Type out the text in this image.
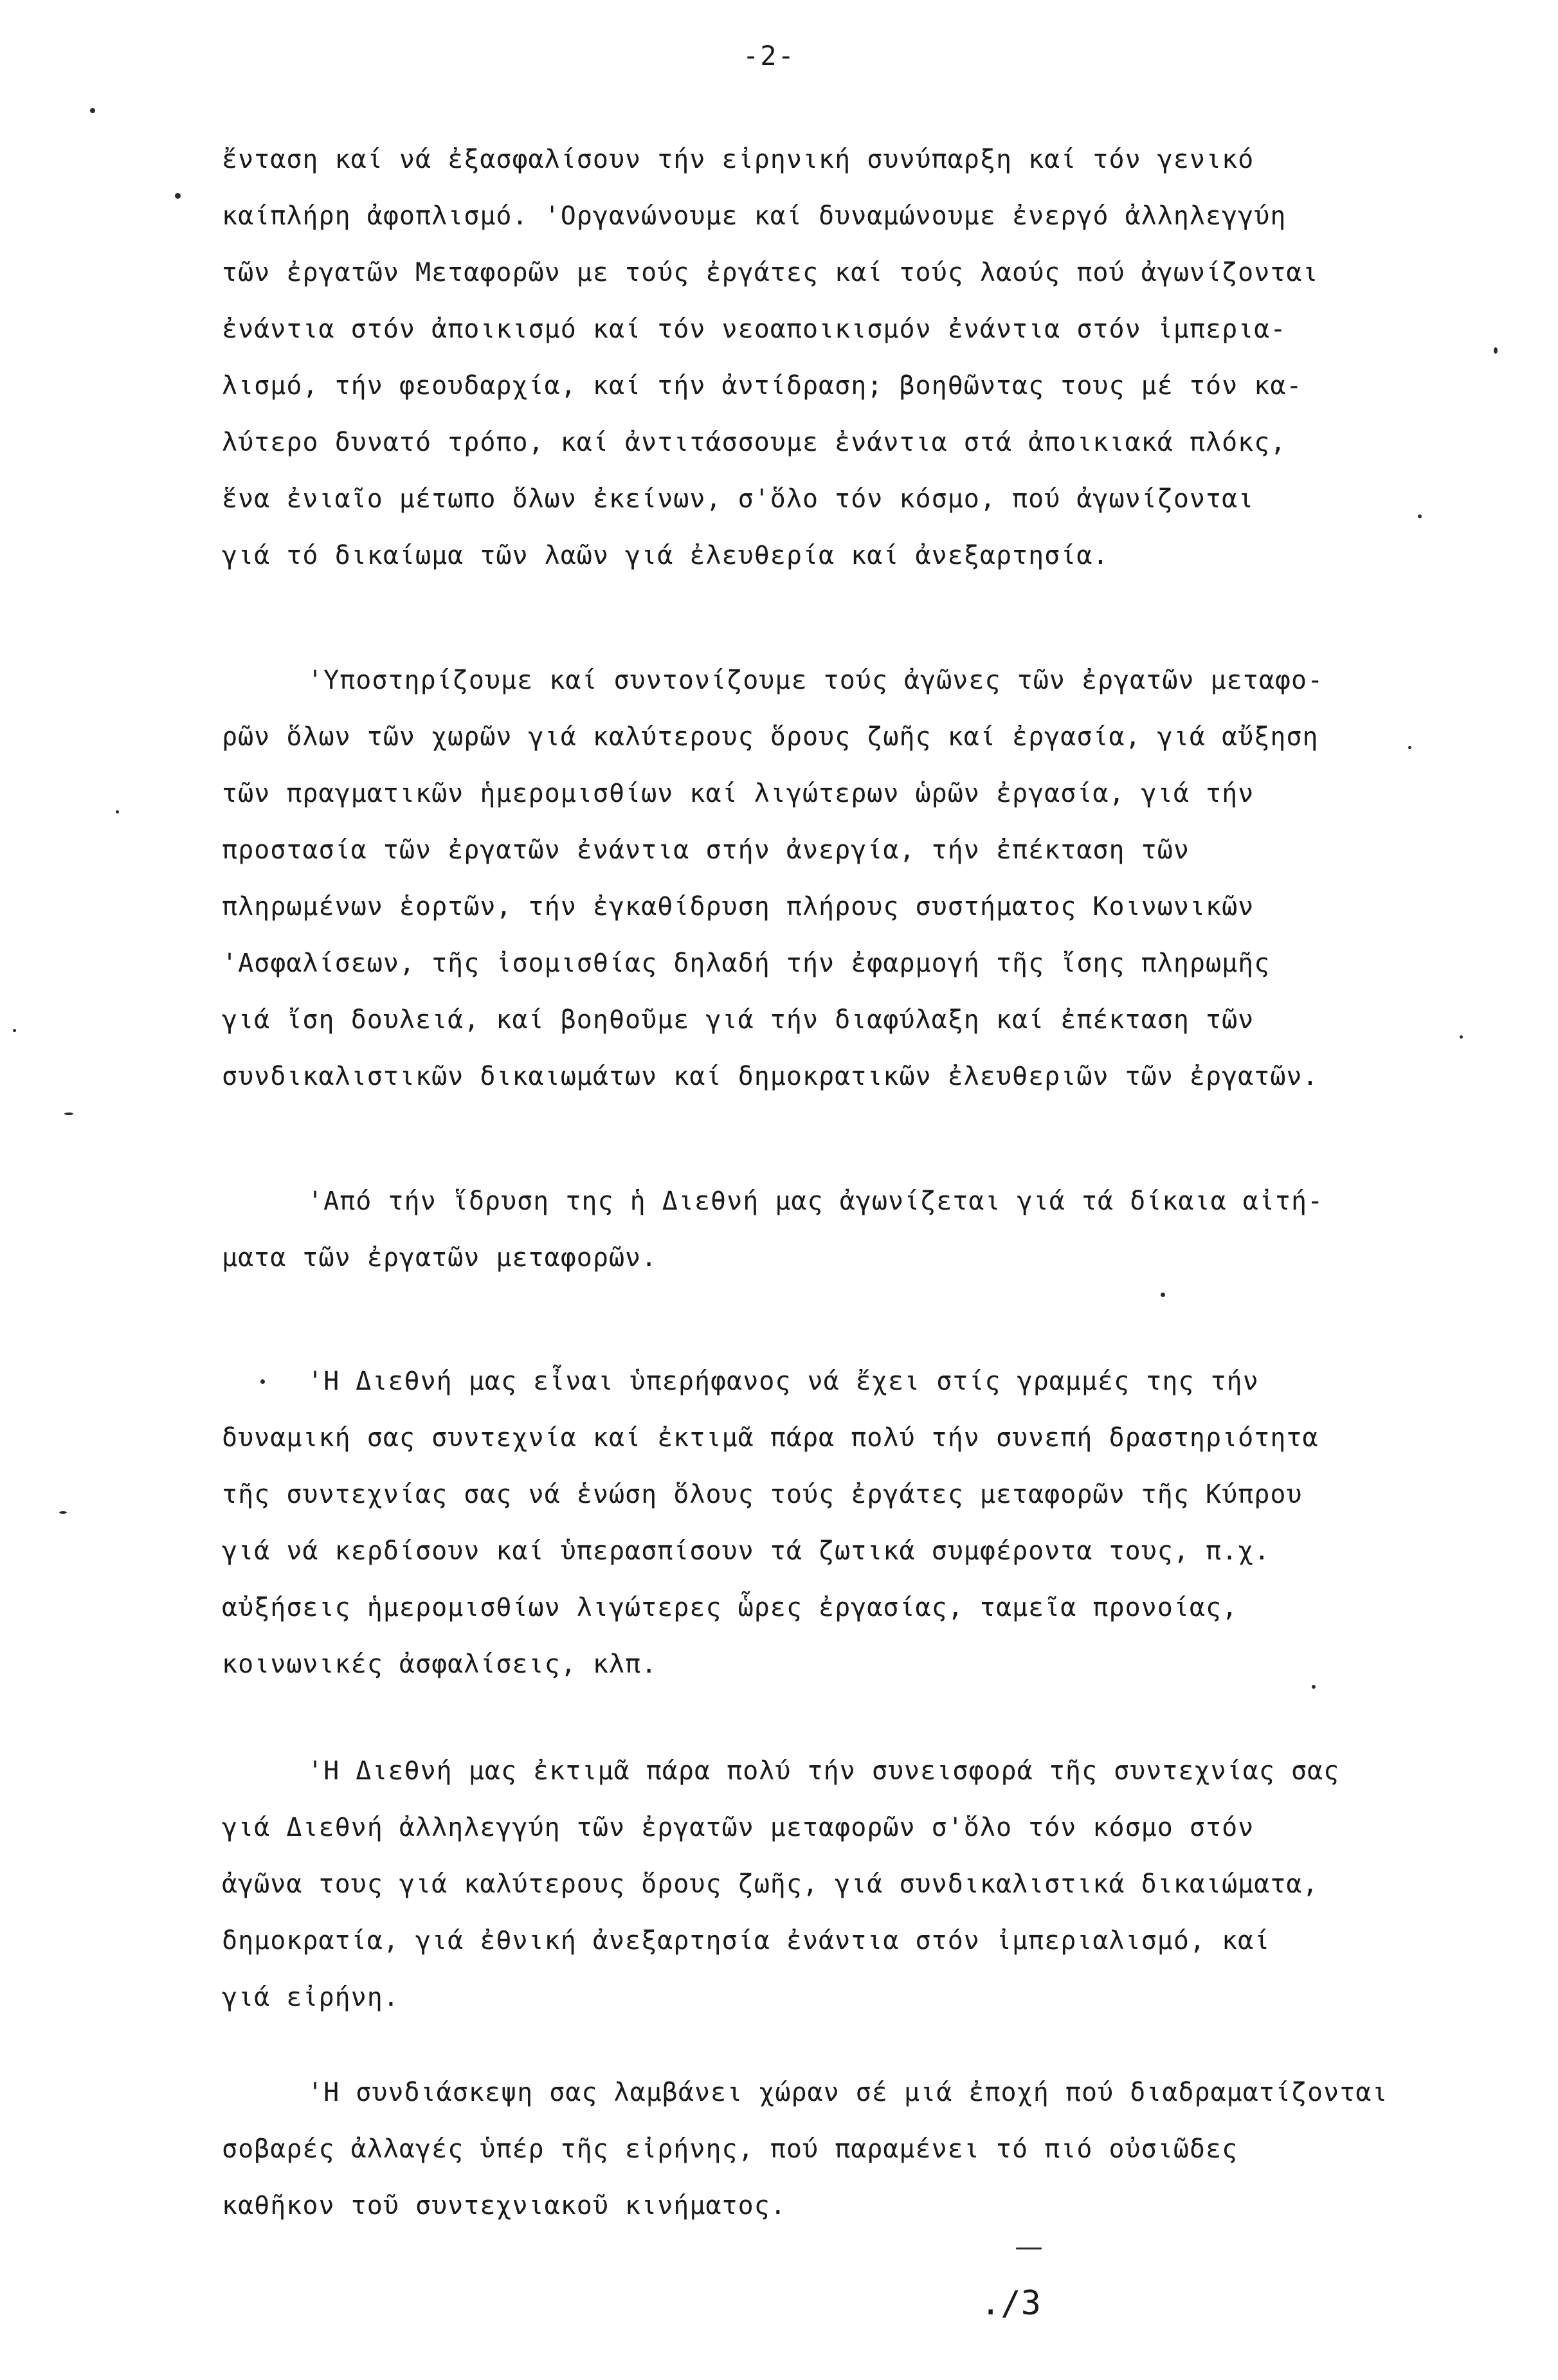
-2-
ἔνταση καί νά ἐξασφαλίσουν τήν εἰρηνική συνύπαρξη καί τόν γενικό
καίπλήρη ἀφοπλισμό. 'Οργανώνουμε καί δυναμώνουμε ἐνεργό ἀλληλεγγύη
τῶν ἐργατῶν Μεταφορῶν με τούς ἐργάτες καί τούς λαούς πού ἀγωνίζονται
ἐνάντια στόν ἀποικισμό καί τόν νεοαποικισμόν ἐνάντια στόν ἰμπερια-
λισμό, τήν φεουδαρχία, καί τήν ἀντίδραση; βοηθῶντας τους μέ τόν κα-
λύτερο δυνατό τρόπο, καί ἀντιτάσσουμε ἐνάντια στά ἀποικιακά πλόκς,
ἕνα ἐνιαῖο μέτωπο ὅλων ἐκείνων, σ'ὅλο τόν κόσμο, πού ἀγωνίζονται
γιά τό δικαίωμα τῶν λαῶν γιά ἐλευθερία καί ἀνεξαρτησία.
'Υποστηρίζουμε καί συντονίζουμε τούς ἀγῶνες τῶν ἐργατῶν μεταφο-
ρῶν ὅλων τῶν χωρῶν γιά καλύτερους ὅρους ζωῆς καί ἐργασία, γιά αὔξηση
τῶν πραγματικῶν ἡμερομισθίων καί λιγώτερων ὡρῶν ἐργασία, γιά τήν
προστασία τῶν ἐργατῶν ἐνάντια στήν ἀνεργία, τήν ἐπέκταση τῶν
πληρωμένων ἑορτῶν, τήν ἐγκαθίδρυση πλήρους συστήματος Κοινωνικῶν
'Ασφαλίσεων, τῆς ἰσομισθίας δηλαδή τήν ἐφαρμογή τῆς ἴσης πληρωμῆς
γιά ἴση δουλειά, καί βοηθοῦμε γιά τήν διαφύλαξη καί ἐπέκταση τῶν
συνδικαλιστικῶν δικαιωμάτων καί δημοκρατικῶν ἐλευθεριῶν τῶν ἐργατῶν.
'Από τήν ἵδρυση της ἡ Διεθνή μας ἀγωνίζεται γιά τά δίκαια αἰτή-
ματα τῶν ἐργατῶν μεταφορῶν.
'Η Διεθνή μας εἶναι ὑπερήφανος νά ἔχει στίς γραμμές της τήν
δυναμική σας συντεχνία καί ἐκτιμᾶ πάρα πολύ τήν συνεπή δραστηριότητα
τῆς συντεχνίας σας νά ἑνώση ὅλους τούς ἐργάτες μεταφορῶν τῆς Κύπρου
γιά νά κερδίσουν καί ὑπερασπίσουν τά ζωτικά συμφέροντα τους, π.χ.
αὐξήσεις ἡμερομισθίων λιγώτερες ὧρες ἐργασίας, ταμεῖα προνοίας,
κοινωνικές ἀσφαλίσεις, κλπ.
'Η Διεθνή μας ἐκτιμᾶ πάρα πολύ τήν συνεισφορά τῆς συντεχνίας σας
γιά Διεθνή ἀλληλεγγύη τῶν ἐργατῶν μεταφορῶν σ'ὅλο τόν κόσμο στόν
ἀγῶνα τους γιά καλύτερους ὅρους ζωῆς, γιά συνδικαλιστικά δικαιώματα,
δημοκρατία, γιά ἐθνική ἀνεξαρτησία ἐνάντια στόν ἰμπεριαλισμό, καί
γιά εἰρήνη.
'Η συνδιάσκεψη σας λαμβάνει χώραν σέ μιά ἐποχή πού διαδραματίζονται
σοβαρές ἀλλαγές ὑπέρ τῆς εἰρήνης, πού παραμένει τό πιό οὐσιῶδες
καθῆκον τοῦ συντεχνιακοῦ κινήματος.
./3
